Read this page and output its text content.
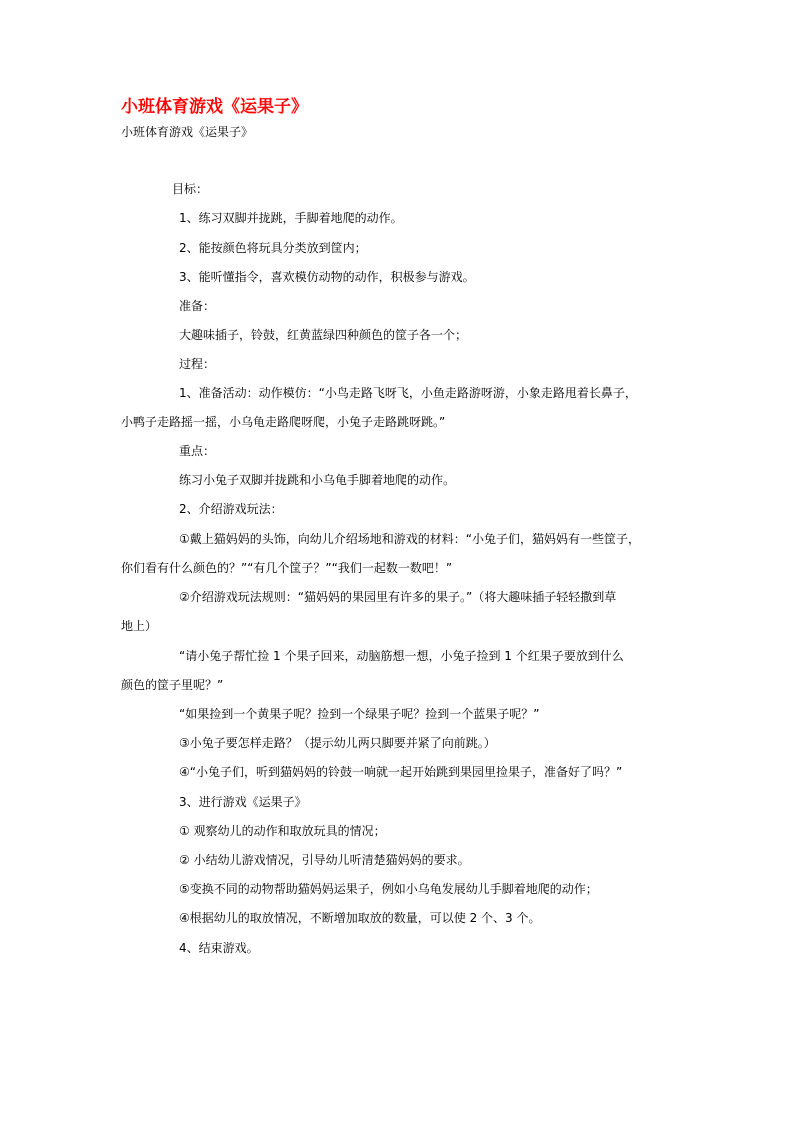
小班体育游戏《运果子》

小班体育游戏《运果子》

目标：

1、练习双脚并拢跳，手脚着地爬的动作。

2、能按颜色将玩具分类放到筐内；

3、能听懂指令，喜欢模仿动物的动作，积极参与游戏。

准备：

大趣味插子，铃鼓，红黄蓝绿四种颜色的筐子各一个；

过程：

1、准备活动：动作模仿：“小鸟走路飞呀飞，小鱼走路游呀游，小象走路甩着长鼻子，

小鸭子走路摇一摇，小乌龟走路爬呀爬，小兔子走路跳呀跳。”

重点：

练习小兔子双脚并拢跳和小乌龟手脚着地爬的动作。

2、介绍游戏玩法：

①戴上猫妈妈的头饰，向幼儿介绍场地和游戏的材料：“小兔子们，猫妈妈有一些筐子，

你们看有什么颜色的？”“有几个筐子？”“我们一起数一数吧！”

②介绍游戏玩法规则：“猫妈妈的果园里有许多的果子。”（将大趣味插子轻轻撒到草

地上）

“请小兔子帮忙捡 1 个果子回来，动脑筋想一想，小兔子捡到 1 个红果子要放到什么

颜色的筐子里呢？”

“如果捡到一个黄果子呢？捡到一个绿果子呢？捡到一个蓝果子呢？”

③小兔子要怎样走路？（提示幼儿两只脚要并紧了向前跳。）

④“小兔子们，听到猫妈妈的铃鼓一响就一起开始跳到果园里捡果子，准备好了吗？”

3、进行游戏《运果子》

① 观察幼儿的动作和取放玩具的情况；

② 小结幼儿游戏情况，引导幼儿听清楚猫妈妈的要求。

⑤变换不同的动物帮助猫妈妈运果子，例如小乌龟发展幼儿手脚着地爬的动作；

④根据幼儿的取放情况，不断增加取放的数量，可以使 2 个、3 个。

4、结束游戏。
